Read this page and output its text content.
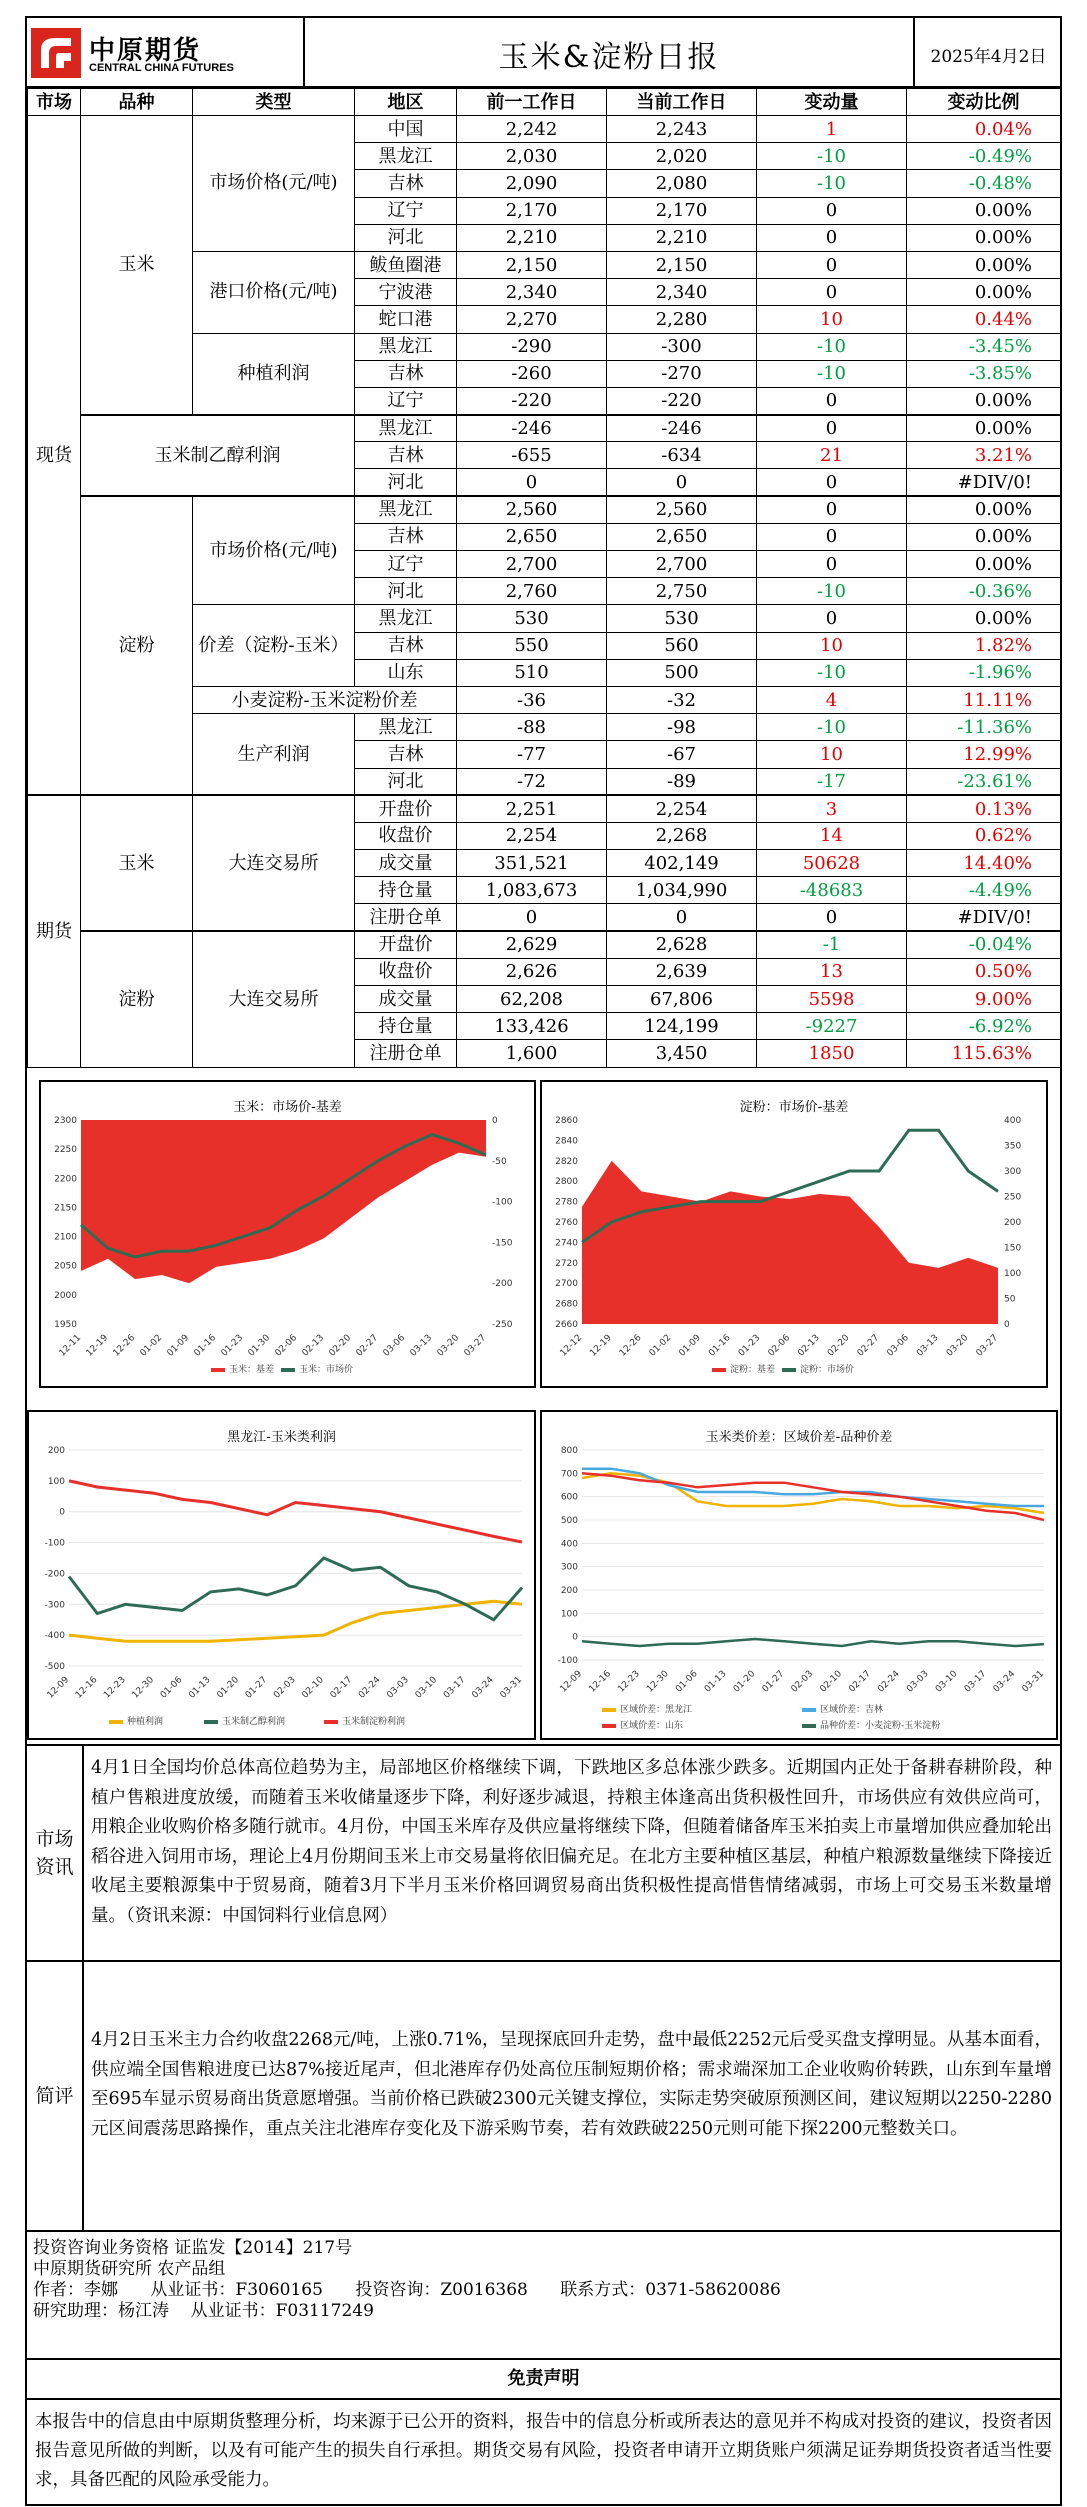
中原期货
CENTRAL CHINA FUTURES	玉米&淀粉日报	2025年4月2日
市场	品种	类型	地区	前一工作日	当前工作日	变动量	变动比例
现货	玉米	市场价格(元/吨)	中国	2,242	2,243	1	0.04%
			黑龙江	2,030	2,020	-10	-0.49%
			吉林	2,090	2,080	-10	-0.48%
			辽宁	2,170	2,170	0	0.00%
			河北	2,210	2,210	0	0.00%
		港口价格(元/吨)	鲅鱼圈港	2,150	2,150	0	0.00%
			宁波港	2,340	2,340	0	0.00%
			蛇口港	2,270	2,280	10	0.44%
		种植利润	黑龙江	-290	-300	-10	-3.45%
			吉林	-260	-270	-10	-3.85%
			辽宁	-220	-220	0	0.00%
	玉米制乙醇利润		黑龙江	-246	-246	0	0.00%
			吉林	-655	-634	21	3.21%
			河北	0	0	0	#DIV/0!
	淀粉	市场价格(元/吨)	黑龙江	2,560	2,560	0	0.00%
			吉林	2,650	2,650	0	0.00%
			辽宁	2,700	2,700	0	0.00%
			河北	2,760	2,750	-10	-0.36%
		价差（淀粉-玉米）	黑龙江	530	530	0	0.00%
			吉林	550	560	10	1.82%
			山东	510	500	-10	-1.96%
		小麦淀粉-玉米淀粉价差		-36	-32	4	11.11%
		生产利润	黑龙江	-88	-98	-10	-11.36%
			吉林	-77	-67	10	12.99%
			河北	-72	-89	-17	-23.61%
期货	玉米	大连交易所	开盘价	2,251	2,254	3	0.13%
			收盘价	2,254	2,268	14	0.62%
			成交量	351,521	402,149	50628	14.40%
			持仓量	1,083,673	1,034,990	-48683	-4.49%
			注册仓单	0	0	0	#DIV/0!
	淀粉	大连交易所	开盘价	2,629	2,628	-1	-0.04%
			收盘价	2,626	2,639	13	0.50%
			成交量	62,208	67,806	5598	9.00%
			持仓量	133,426	124,199	-9227	-6.92%
			注册仓单	1,600	3,450	1850	115.63%
玉米：市场价-基差
2300
2250
2200
2150
2100
2050
2000
1950
0
-50
-100
-150
-200
-250
12-11 12-19 12-26 01-02 01-09 01-16 01-23 01-30 02-06 02-13 02-20 02-27 03-06 03-13 03-20 03-27
玉米：基差	玉米：市场价
淀粉：市场价-基差
2860
2840
2820
2800
2780
2760
2740
2720
2700
2680
2660
400
350
300
250
200
150
100
50
0
12-12 12-19 12-26 01-02 01-09 01-16 01-23 02-06 02-13 02-20 02-27 03-06 03-13 03-20 03-27
淀粉：基差	淀粉：市场价
黑龙江-玉米类利润
200
100
0
-100
-200
-300
-400
-500
12-09 12-16 12-23 12-30 01-06 01-13 01-20 01-27 02-03 02-10 02-17 02-24 03-03 03-10 03-17 03-24 03-31
种植利润	玉米制乙醇利润	玉米制淀粉利润
玉米类价差：区域价差-品种价差
800
700
600
500
400
300
200
100
0
-100
12-09 12-16 12-23 12-30 01-06 01-13 01-20 01-27 02-03 02-10 02-17 02-24 03-03 03-10 03-17 03-24 03-31
区域价差：黑龙江	区域价差：吉林
区域价差：山东	品种价差：小麦淀粉-玉米淀粉
市场资讯
4月1日全国均价总体高位趋势为主，局部地区价格继续下调，下跌地区多总体涨少跌多。近期国内正处于备耕春耕阶段，种植户售粮进度放缓，而随着玉米收储量逐步下降，利好逐步减退，持粮主体逢高出货积极性回升，市场供应有效供应尚可，用粮企业收购价格多随行就市。4月份，中国玉米库存及供应量将继续下降，但随着储备库玉米拍卖上市量增加供应叠加轮出稻谷进入饲用市场，理论上4月份期间玉米上市交易量将依旧偏充足。在北方主要种植区基层，种植户粮源数量继续下降接近收尾主要粮源集中于贸易商，随着3月下半月玉米价格回调贸易商出货积极性提高惜售情绪减弱，市场上可交易玉米数量增量。（资讯来源：中国饲料行业信息网）
简评
4月2日玉米主力合约收盘2268元/吨，上涨0.71%，呈现探底回升走势，盘中最低2252元后受买盘支撑明显。从基本面看，供应端全国售粮进度已达87%接近尾声，但北港库存仍处高位压制短期价格；需求端深加工企业收购价转跌，山东到车量增至695车显示贸易商出货意愿增强。当前价格已跌破2300元关键支撑位，实际走势突破原预测区间，建议短期以2250-2280元区间震荡思路操作，重点关注北港库存变化及下游采购节奏，若有效跌破2250元则可能下探2200元整数关口。
投资咨询业务资格 证监发【2014】217号
中原期货研究所 农产品组
作者：李娜      从业证书：F3060165      投资咨询：Z0016368      联系方式：0371-58620086
研究助理：杨江涛    从业证书：F03117249
免责声明
本报告中的信息由中原期货整理分析，均来源于已公开的资料，报告中的信息分析或所表达的意见并不构成对投资的建议，投资者因报告意见所做的判断，以及有可能产生的损失自行承担。期货交易有风险，投资者申请开立期货账户须满足证券期货投资者适当性要求，具备匹配的风险承受能力。
